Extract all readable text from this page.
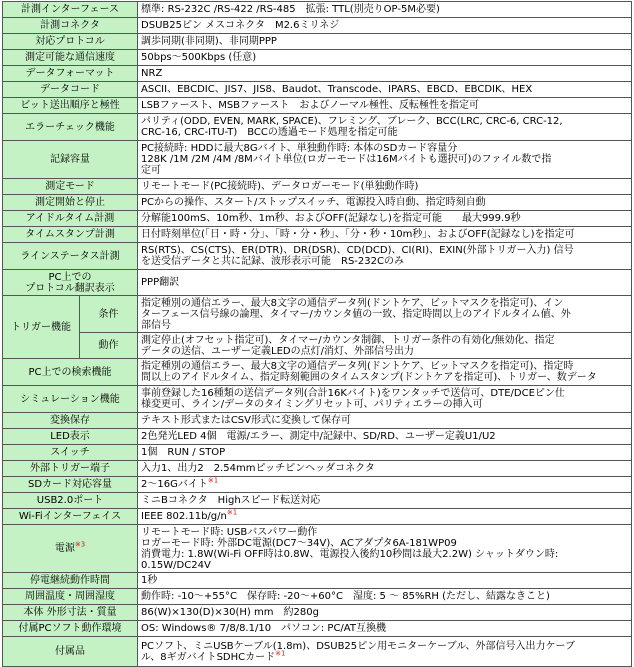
計測インターフェース		標準: RS-232C /RS-422 /RS-485　拡張: TTL(別売りOP-5M必要)
計測コネクタ		DSUB25ピン メスコネクタ　M2.6ミリネジ
対応プロトコル		調歩同期(非同期)、非同期PPP
測定可能な通信速度		50bps～500Kbps (任意)
データフォーマット		NRZ
データコード		ASCII、EBCDIC、JIS7、JIS8、Baudot、Transcode、IPARS、EBCD、EBCDIK、HEX
ビット送出順序と極性		LSBファースト、MSBファースト　およびノーマル極性、反転極性を指定可
エラーチェック機能		パリティ(ODD, EVEN, MARK, SPACE)、フレミング、ブレーク、BCC(LRC, CRC-6, CRC-12,
CRC-16, CRC-ITU-T)　BCCの透過モード処理を指定可能

記録容量		PC接続時: HDDに最大8Gバイト、単独動作時: 本体のSDカード容量分
128K /1M /2M /4M /8Mバイト単位(ロガーモードは16Mバイトも選択可)のファイル数で指
定可

測定モード		リモートモード(PC接続時)、データロガーモード(単独動作時)
測定開始と停止		PCからの操作、スタート/ストップスイッチ、電源投入時自動、指定時刻自動
アイドルタイム計測		分解能100mS、10m秒、1m秒、およびOFF(記録なし)を指定可能　　最大999.9秒
タイムスタンプ計測		日付時刻単位(「日・時・分」、「時・分・秒」、「分・秒・10m秒」、およびOFF(記録なし)を指定可
ラインステータス計測		RS(RTS)、CS(CTS)、ER(DTR)、DR(DSR)、CD(DCD)、CI(RI)、EXIN(外部トリガー入力) 信号
を送受信データと共に記録、波形表示可能　RS-232Cのみ

PC上での
プロトコル翻訳表示		PPP翻訳
トリガー機能	条件	指定種別の通信エラー、最大8文字の通信データ列(ドントケア、ビットマスクを指定可)、イン
ターフェース信号線の論理、タイマー/カウンタ値の一致、指定時間以上のアイドルタイム値、外
部信号

	動作	測定停止(オフセット指定可)、タイマー/カウンタ制御、トリガー条件の有効化/無効化、指定
データの送信、ユーザー定義LEDの点灯/消灯、外部信号出力

PC上での検索機能		指定種別の通信エラー、最大8文字の通信データ列(ドントケア、ビットマスクを指定可)、指定時
間以上のアイドルタイム、指定時刻範囲のタイムスタンプ(ドントケアを指定可)、トリガー、数データ

シミュレーション機能		事前登録した16種類の送信データ列(合計16Kバイト)をワンタッチで送信可、DTE/DCEピン仕
様変更可、ライン/データのタイミングリセット可、パリティエラーの挿入可

変換保存		テキスト形式またはCSV形式に変換して保存可
LED表示		2色発光LED 4個　電源/エラー、測定中/記録中、SD/RD、ユーザー定義U1/U2
スイッチ		1個　RUN / STOP
外部トリガー端子		入力1、出力2　2.54mmピッチピンヘッダコネクタ
SDカード対応容量		2～16Gバイト$^{※1}$
USB2.0ポート		ミニBコネクタ　Highスピード転送対応
Wi-Fiインターフェイス		IEEE $802.11b/g/n^{※1}$
電源$^{※3}$		リモートモード時: USBバスパワー動作
ロガーモード時: 外部DC電源(DC7～34V)、ACアダプタ6A-181WP09
消費電力: 1.8W(Wi-Fi OFF時は0.8W、電源投入後約10秒間は最大2.2W) シャットダウン時:
0.15W/DC24V

停電継続動作時間		1秒
周囲温度・周囲湿度		動作時: -10～+55°C　保存時: -20～+60°C　湿度: 5 ～ 85%RH (ただし、結露なきこと)
本体 外形寸法・質量		86(W)×130(D)×30(H) mm　約280g
付属PCソフト動作環境		OS: Windows® 7/8/8.1/10　パソコン: PC/AT互換機
付属品		PCソフト、ミニUSBケーブル(1.8m)、DSUB25ピン用モニターケーブル、外部信号入出力ケーブ
ル、8ギガバイトSDHCカード$^{※1}$
